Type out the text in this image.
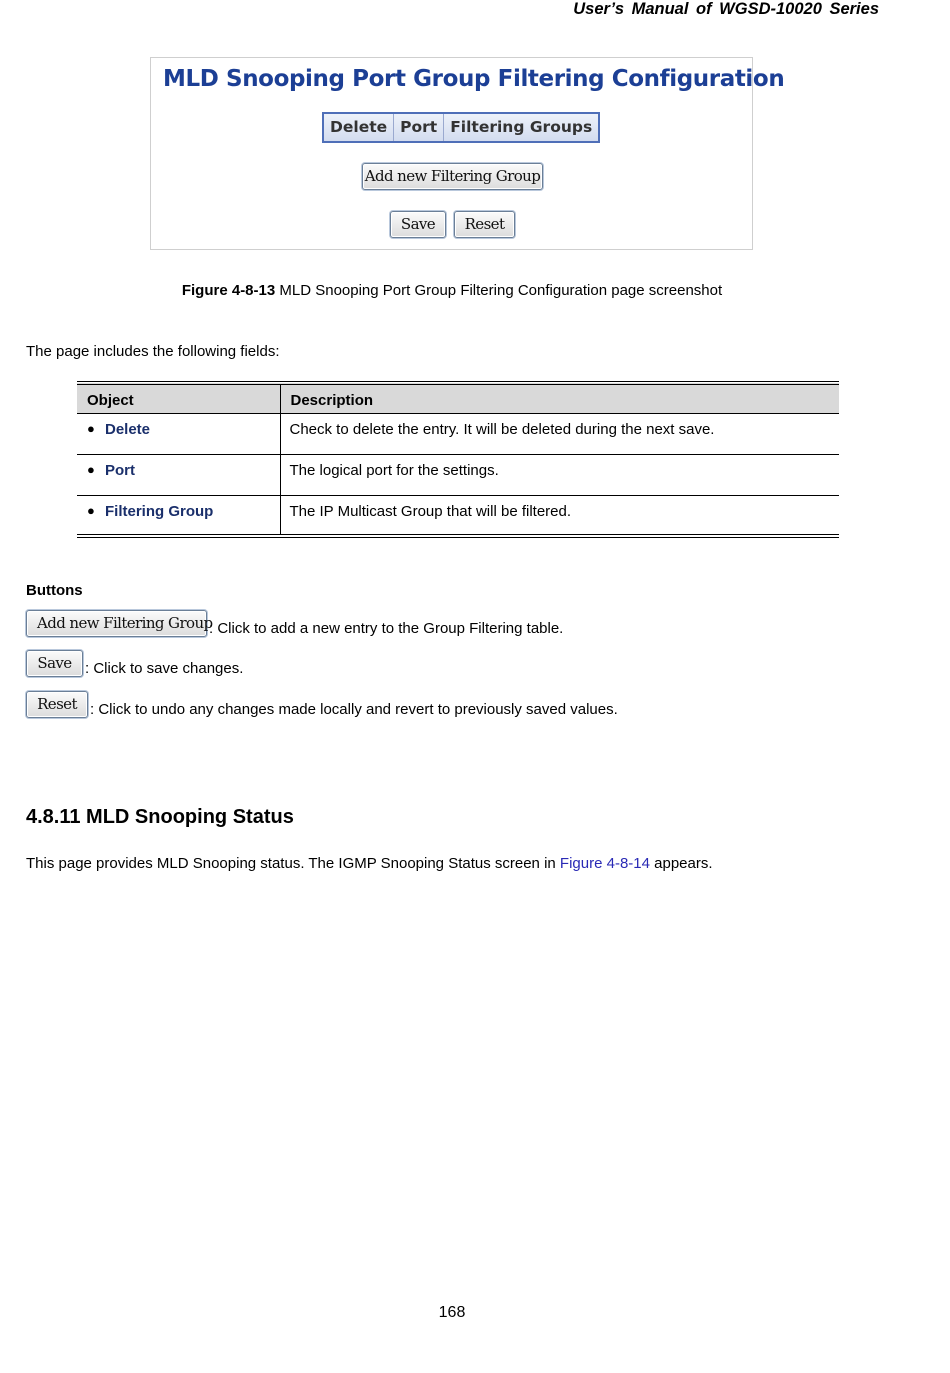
User’s Manual of WGSD-10020 Series
MLD Snooping Port Group Filtering Configuration
Delete Port Filtering Groups
Add new Filtering Group
Save	Reset
Figure 4-8-13 MLD Snooping Port Group Filtering Configuration page screenshot
The page includes the following fields:
Object	Description
● Delete	Check to delete the entry. It will be deleted during the next save.
● Port	The logical port for the settings.
● Filtering Group	The IP Multicast Group that will be filtered.
Buttons
Add new Filtering Group
: Click to add a new entry to the Group Filtering table.
Save : Click to save changes.
Reset : Click to undo any changes made locally and revert to previously saved values.
4.8.11 MLD Snooping Status
This page provides MLD Snooping status. The IGMP Snooping Status screen in Figure 4-8-14 appears.
168
